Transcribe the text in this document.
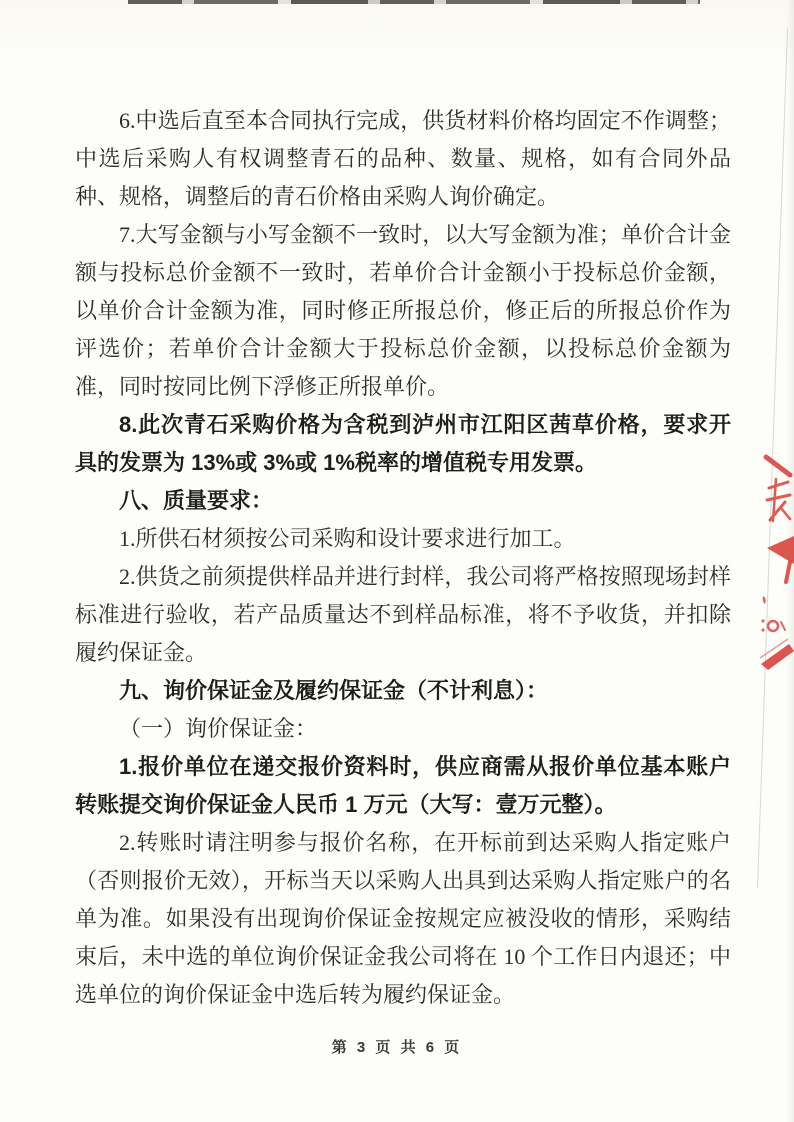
6.中选后直至本合同执行完成，供货材料价格均固定不作调整；中选后采购人有权调整青石的品种、数量、规格，如有合同外品种、规格，调整后的青石价格由采购人询价确定。

7.大写金额与小写金额不一致时，以大写金额为准；单价合计金额与投标总价金额不一致时，若单价合计金额小于投标总价金额，以单价合计金额为准，同时修正所报总价，修正后的所报总价作为评选价；若单价合计金额大于投标总价金额，以投标总价金额为准，同时按同比例下浮修正所报单价。

8.此次青石采购价格为含税到泸州市江阳区茜草价格，要求开具的发票为 13%或 3%或 1%税率的增值税专用发票。

八、质量要求：

1.所供石材须按公司采购和设计要求进行加工。

2.供货之前须提供样品并进行封样，我公司将严格按照现场封样标准进行验收，若产品质量达不到样品标准，将不予收货，并扣除履约保证金。

九、询价保证金及履约保证金（不计利息）：

（一）询价保证金：

1.报价单位在递交报价资料时，供应商需从报价单位基本账户转账提交询价保证金人民币 1 万元（大写：壹万元整）。

2.转账时请注明参与报价名称，在开标前到达采购人指定账户（否则报价无效），开标当天以采购人出具到达采购人指定账户的名单为准。如果没有出现询价保证金按规定应被没收的情形，采购结束后，未中选的单位询价保证金我公司将在 10 个工作日内退还；中选单位的询价保证金中选后转为履约保证金。

第 3 页 共 6 页
